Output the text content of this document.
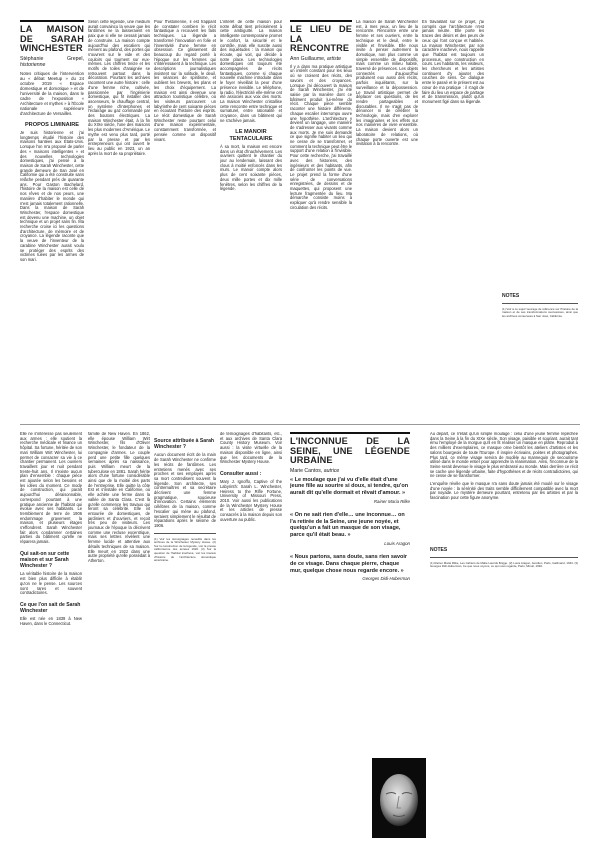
LA MAISON DE SARAH WINCHESTER
Stéphanie Grepel, historienne

Notes critiques de l'intervention au « débat Meetup » du 24 octobre 2019 « Espace domestique et domotique » et de l'université de la maison, dans le cadre de l'exposition « Architecture et mythes » à l'École nationale supérieure d'architecture de Versailles.

PROPOS LIMINAIRE

Je suis historienne et j'ai longtemps étudié l'histoire des maisons hantées aux États-Unis. Lorsque l'on m'a proposé de parler des « maisons intelligentes » et des nouvelles technologies domestiques, j'ai pensé à la maison de Sarah Winchester, cette grande demeure de San José en Californie qui a été construite sans relâche pendant près de quarante ans. Pour Gaston Bachelard, l'histoire de la maison est celle de nos rêves et de nos peurs, une manière d'habiter le monde qui n'est jamais totalement rationnelle. Dans la maison de Sarah Winchester, l'espace domestique est devenu une machine, un objet technique et un projet sans fin. Ma recherche croise ici les questions d'architecture, de mémoire et de croyance. La légende raconte que la veuve de l'inventeur de la carabine Winchester aurait voulu se protéger des esprits des victimes tuées par les armes de son mari.

Selon cette légende, une médium aurait convaincu la veuve que les fantômes ne la laisseraient en paix que si elle ne cessait jamais de construire. La maison compte aujourd'hui des escaliers qui mènent au plafond, des portes qui s'ouvrent sur le vide et des couloirs qui tournent sur eux-mêmes. Les chiffres treize et les motifs de toiles d'araignée se retrouvent partout dans la décoration. Pourtant les archives racontent une autre histoire : celle d'une femme riche, cultivée, passionnée par l'ingénierie domestique, qui fit installer des ascenseurs, le chauffage central, un système d'interphones et l'éclairage au gaz commandé par des boutons électriques. La maison Winchester était, à la fin du XIXe siècle, l'une des maisons les plus modernes d'Amérique. Le mythe est venu plus tard, porté par la presse et par les entrepreneurs qui ont ouvert le lieu au public en 1923, un an après la mort de sa propriétaire.

Pour l'historienne, il est frappant de constater combien le récit fantastique a recouvert les faits techniques. La légende a transformé l'innovation en folie et l'inventivité d'une femme en obsession. Ce glissement dit beaucoup du regard porté à l'époque sur les femmes qui s'intéressaient à la technique. Les descriptions journalistiques insistent sur la solitude, le deuil, les séances de spiritisme, et oublient les brevets, les plans et les choix d'équipement. La maison est ainsi devenue une attraction touristique célèbre, où les visiteurs parcourent un labyrinthe de cent soixante pièces en écoutant l'histoire des esprits. Le récit domestique de Sarah Winchester reste pourtant celui d'une maison expérimentale, constamment transformée, et pensée comme un dispositif vivant.

L'intérêt de cette maison pour notre débat tient précisément à cette ambiguïté. La maison intelligente contemporaine promet le confort, la sécurité et le contrôle, mais elle suscite aussi des inquiétudes : la maison qui écoute, qui voit, qui décide à notre place. Les technologies domestiques ont toujours été accompagnées de récits fantastiques, comme si chaque nouvelle machine introduite dans le foyer réveillait la peur d'une présence invisible. Le téléphone, la radio, l'électricité elle-même ont été associés aux voix des morts. La maison Winchester cristallise cette rencontre entre technique et surnaturel, entre rationalité et croyance, dans un bâtiment qui ne s'achève jamais.

LE MANOIR TENTACULAIRE

À sa mort, la maison est encore dans un état d'inachèvement. Les ouvriers quittent le chantier du jour au lendemain, laissant des clous à moitié enfoncés dans les murs. Le manoir compte alors plus de cent soixante pièces, deux mille portes et dix mille fenêtres, selon les chiffres de la légende.

LE LIEU DE LA RENCONTRE
Ann Guillaume, artiste

Il y a dans ma pratique artistique un intérêt constant pour les lieux où se croisent des récits, des savoirs et des croyances. Lorsque j'ai découvert la maison de Sarah Winchester, j'ai été saisie par la manière dont ce bâtiment produit lui-même du récit. Chaque pièce semble raconter une histoire différente, chaque escalier interrompu ouvre une hypothèse. L'architecture y devient un langage, une manière de s'adresser aux vivants comme aux morts. Je me suis demandé ce que signifie habiter un lieu qui ne cesse de se transformer, et comment la technique peut être le support d'une relation à l'invisible. Pour cette recherche, j'ai travaillé avec des historiens, des ingénieurs et des habitants, afin de confronter les points de vue. Le projet prend la forme d'une série de conversations enregistrées, de dessins et de maquettes, qui proposent une lecture fragmentée du lieu. Ma démarche consiste moins à expliquer qu'à rendre sensible la circulation des récits.

La maison de Sarah Winchester est, à mes yeux, un lieu de la rencontre. Rencontre entre une femme et ses ouvriers, entre la technique et le deuil, entre le visible et l'invisible. Elle nous invite à penser autrement la domotique, non plus comme un simple ensemble de dispositifs, mais comme un milieu habité, traversé de présences. Les objets connectés d'aujourd'hui produisent eux aussi des récits, parfois inquiétants, sur la surveillance et la dépossession. Le travail artistique permet de déplacer ces questions, de les rendre partageables et discutables. Il ne s'agit pas de dénoncer ni de célébrer la technologie, mais d'en explorer les imaginaires et les effets sur nos manières de vivre ensemble. La maison devient alors un laboratoire de relations, où chaque porte ouverte est une invitation à la rencontre.

En travaillant sur ce projet, j'ai compris que l'architecture n'est jamais neutre. Elle porte les traces des désirs et des peurs de ceux qui l'ont conçue et habitée. La maison Winchester, par son caractère inachevé, nous rappelle que l'habitat est toujours un processus, une construction en cours. Les habitants, les visiteurs, les chercheurs et les artistes continuent d'y ajouter des couches de sens. Ce dialogue entre le passé et le présent est au cœur de ma pratique : il s'agit de faire du lieu un espace de partage et de transmission, plutôt qu'un monument figé dans sa légende.

NOTES

(1) Voir à ce sujet l'ouvrage de référence sur l'histoire de la maison et de ses transformations successives, ainsi que les archives conservées à San José, Californie.

Elle ne s'intéresse pas seulement aux armes : elle soutient la recherche médicale et finance un hôpital. Sa fortune, héritée de son mari William Wirt Winchester, lui permet de consacrer sa vie à ce chantier permanent. Les ouvriers travaillent jour et nuit pendant trente-huit ans. Il n'existe aucun plan d'ensemble : chaque pièce est ajoutée selon les besoins et les idées du moment. Ce mode de construction, qui paraît aujourd'hui déraisonnable, correspond pourtant à une pratique ancienne de l'habitat qui évolue avec ses habitants. Le tremblement de terre de 1906 endommage gravement la maison, et plusieurs étages s'effondrent. Sarah Winchester fait alors condamner certaines parties du bâtiment qu'elle ne réparera jamais.

Qui sait-on sur cette maison et sur Sarah Winchester ?

La véritable histoire de la maison est bien plus difficile à établir qu'on ne le pense. Les sources sont rares et souvent contradictoires.

Ce que l'on sait de Sarah Winchester

Elle est née en 1839 à New Haven, dans le Connecticut.

famille de New Haven. En 1862, elle épouse William Wirt Winchester, fils d'Oliver Winchester, le fondateur de la compagnie d'armes. Le couple perd une petite fille quelques semaines après sa naissance, puis William meurt de la tuberculose en 1881. Sarah hérite alors d'une fortune considérable ainsi que de la moitié des parts de l'entreprise. Elle quitte la côte Est et s'installe en Californie, où elle achète une ferme dans la vallée de Santa Clara. C'est là qu'elle commence les travaux qui feront sa célébrité. Elle vit entourée de domestiques, de jardiniers et d'ouvriers, et reçoit très peu de visiteurs. Les journaux de l'époque la décrivent comme une recluse excentrique, mais ses lettres révèlent une femme lucide et attentive aux détails techniques de sa maison. Elle meurt en 1922 dans une autre propriété qu'elle possédait à Atherton.

Source attribuée à Sarah Winchester ?

Aucun document écrit de la main de Sarah Winchester ne confirme les récits de fantômes. Les entretiens menés avec ses proches et ses employés après sa mort contredisent souvent la légende. Son architecte, ses contremaîtres et sa secrétaire décrivent une femme pragmatique, soucieuse d'innovation. Certains éléments célèbres de la maison, comme l'escalier qui mène au plafond, seraient simplement le résultat de réparations après le séisme de 1906.

(1) Voir les témoignages recueillis dans les archives de la Winchester Mystery House. (2) Sur la construction de la légende, voir la presse californienne des années 1920. (3) Sur la question de l'habitat inachevé, voir les travaux d'histoire de l'architecture domestique américaine.

de témoignages d'habitants, etc., et aux archives de Santa Clara County History Museum. Voir aussi : la visite virtuelle de la maison disponible en ligne, ainsi que les documents de la Winchester Mystery House.

Consulter aussi :

Mary J. Ignoffo, Captive of the Labyrinth: Sarah L. Winchester, Heiress to the Rifle Fortune, University of Missouri Press, 2010. Voir aussi les publications de la Winchester Mystery House et les articles de presse consacrés à la maison depuis son ouverture au public.

L'INCONNUE DE LA SEINE, UNE LÉGENDE URBAINE
Marie Cantos, autrice

« Le moulage que j'ai vu d'elle était d'une jeune fille au sourire si doux, si tendre, qu'on aurait dit qu'elle dormait et rêvait d'amour. »

Rainer Maria Rilke

« On ne sait rien d'elle… une inconnue… on l'a retirée de la Seine, une jeune noyée, et quelqu'un a fait un masque de son visage, parce qu'il était beau. »

Louis Aragon

« Nous partons, sans doute, sans rien savoir de ce visage. Dans chaque pierre, chaque mur, quelque chose nous regarde encore. »

Georges Didi-Huberman

Au départ, ce n'était qu'un simple moulage : celui d'une jeune femme repêchée dans la Seine à la fin du XIXe siècle. Son visage, paisible et souriant, aurait tant ému l'employé de la morgue qu'il en fit réaliser un masque en plâtre. Reproduit à des milliers d'exemplaires, ce masque orne bientôt les ateliers d'artistes et les salons bourgeois de toute l'Europe. Il inspire écrivains, poètes et photographes. Plus tard, ce même visage servira de modèle au mannequin de secourisme utilisé dans le monde entier pour apprendre la réanimation. Ainsi, l'inconnue de la Seine serait devenue le visage le plus embrassé au monde. Mais derrière ce récit se cache une légende urbaine, faite d'hypothèses et de récits contradictoires, qui ne cesse de se transformer.

L'enquête révèle que le masque n'a sans doute jamais été moulé sur le visage d'une noyée : la sérénité des traits semble difficilement compatible avec la mort par noyade. Le mystère demeure pourtant, entretenu par les artistes et par la fascination pour cette figure anonyme.

NOTES

(1) Rainer Maria Rilke, Les Cahiers de Malte Laurids Brigge. (2) Louis Aragon, Aurélien, Paris, Gallimard, 1944. (3) Georges Didi-Huberman, Ce que nous voyons, ce qui nous regarde, Paris, Minuit, 1992.
